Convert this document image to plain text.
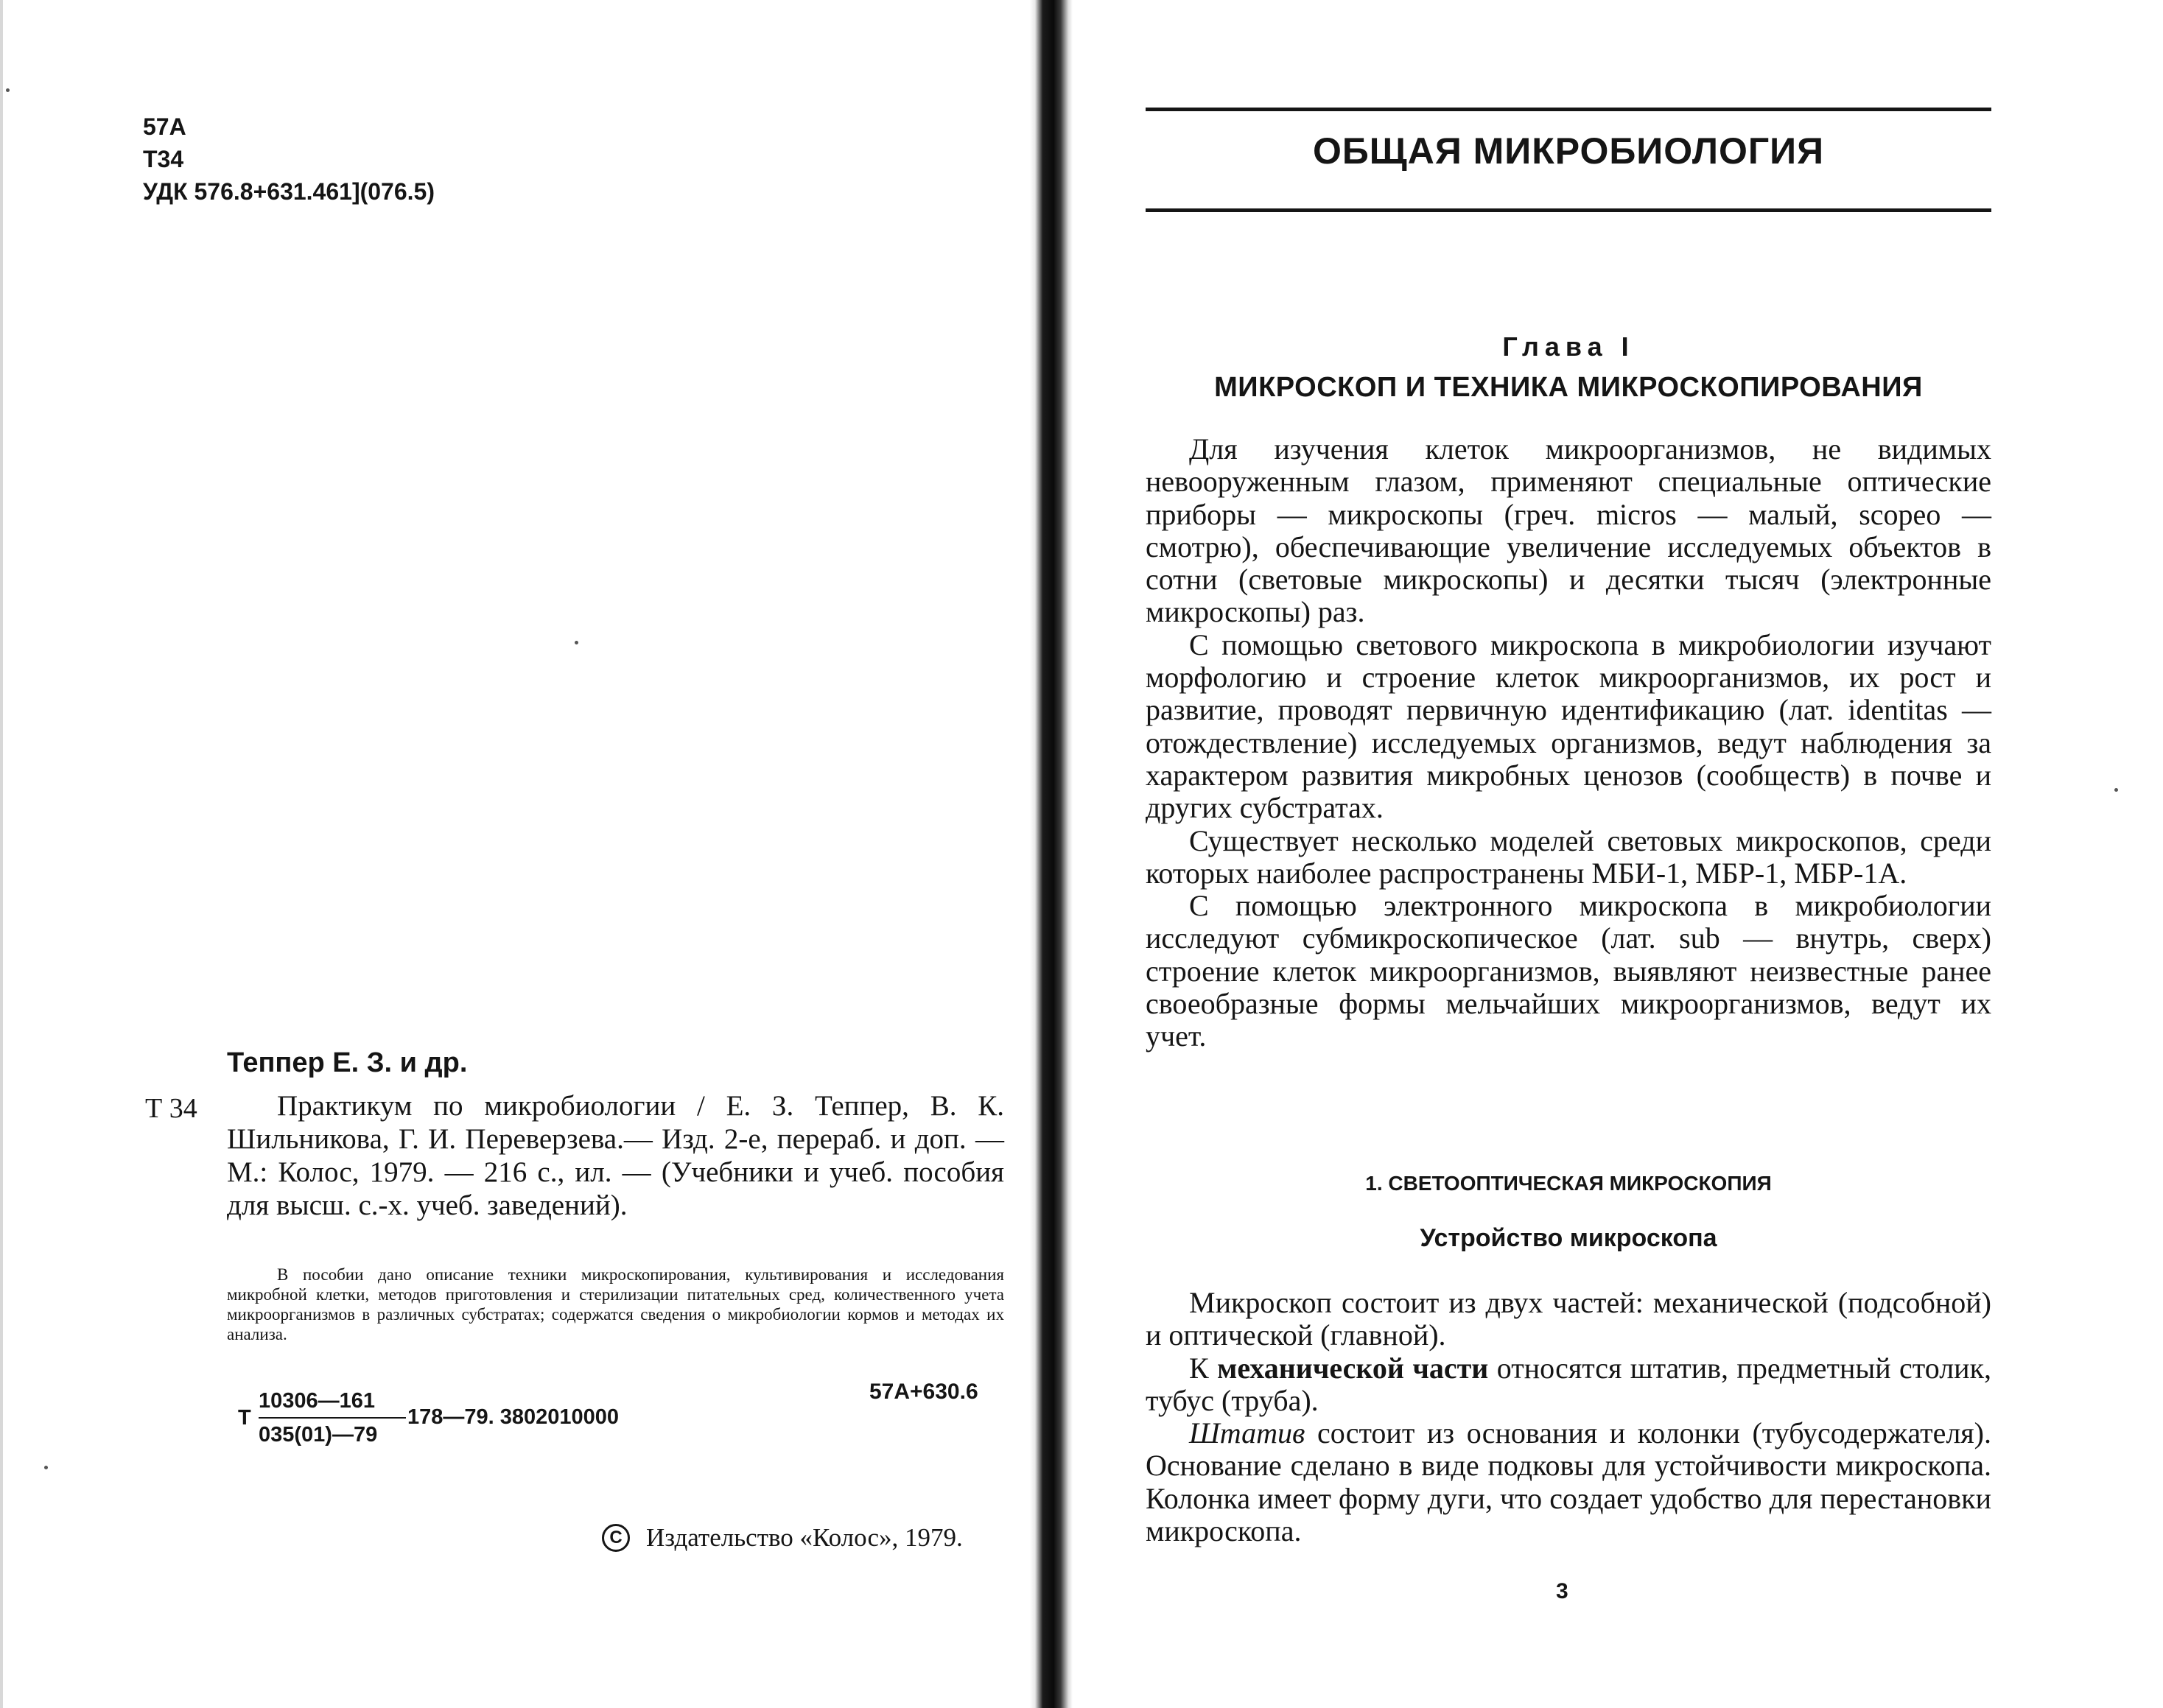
57А
Т34
УДК 576.8+631.461](076.5)
Теппер Е. З. и др.
Т 34	Практикум по микробиологии / Е. З. Теппер, В. К. Шильникова, Г. И. Переверзева.— Изд. 2-е, перераб. и доп. — М.: Колос, 1979. — 216 с., ил. — (Учебники и учеб. пособия для высш. с.-х. учеб. заведений).

В пособии дано описание техники микроскопирования, культивирования и исследования микробной клетки, методов приготовления и стерилизации питательных сред, количественного учета микроорганизмов в различных субстратах; содержатся сведения о микробиологии кормов и методах их анализа.

57А+630.6
Т
10306—161
035(01)—79
178—79. 3802010000
C Издательство «Колос», 1979.
ОБЩАЯ МИКРОБИОЛОГИЯ
Глава I
МИКРОСКОП И ТЕХНИКА МИКРОСКОПИРОВАНИЯ

Для изучения клеток микроорганизмов, не видимых невооруженным глазом, применяют специальные оптические приборы — микроскопы (греч. micros — малый, scopeo — смотрю), обеспечивающие увеличение исследуемых объектов в сотни (световые микроскопы) и десятки тысяч (электронные микроскопы) раз.

С помощью светового микроскопа в микробиологии изучают морфологию и строение клеток микроорганизмов, их рост и развитие, проводят первичную идентификацию (лат. identitas — отождествление) исследуемых организмов, ведут наблюдения за характером развития микробных ценозов (сообществ) в почве и других субстратах.

Существует несколько моделей световых микроскопов, среди которых наиболее распространены МБИ-1, МБР-1, МБР-1А.

С помощью электронного микроскопа в микробиологии исследуют субмикроскопическое (лат. sub — внутрь, сверх) строение клеток микроорганизмов, выявляют неизвестные ранее своеобразные формы мельчайших микроорганизмов, ведут их учет.

1. СВЕТООПТИЧЕСКАЯ МИКРОСКОПИЯ
Устройство микроскопа

Микроскоп состоит из двух частей: механической (подсобной) и оптической (главной).

К механической части относятся штатив, предметный столик, тубус (труба).

Штатив состоит из основания и колонки (тубусодержателя). Основание сделано в виде подковы для устойчивости микроскопа. Колонка имеет форму дуги, что создает удобство для перестановки микроскопа.

3
